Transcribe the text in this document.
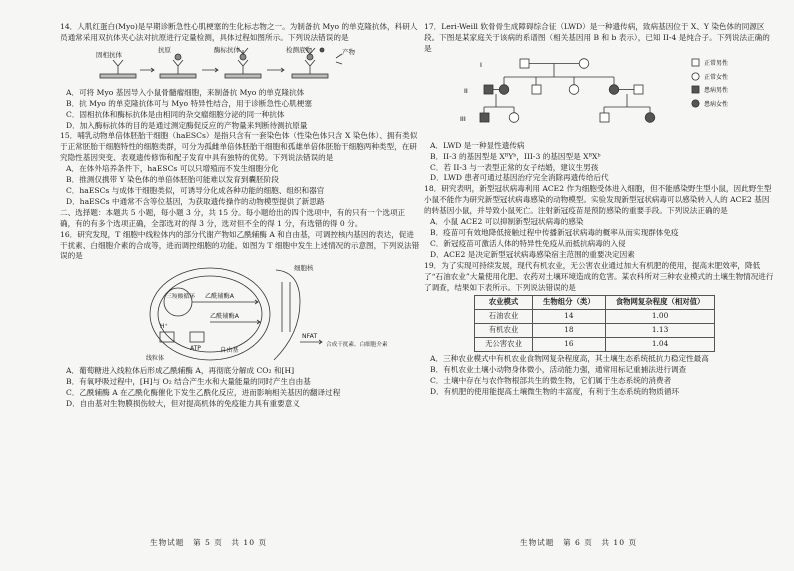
14．人肌红蛋白(Myo)是早期诊断急性心肌梗塞的生化标志物之一。为制备抗 Myo 的单克隆抗体，科研人员通常采用双抗体夹心法对抗原进行定量检测，具体过程如图所示。下列说法错误的是

固相抗体
抗原	酶标抗体	检测底物	产物

A．可将 Myo 基因导入小鼠骨髓瘤细胞，来制备抗 Myo 的单克隆抗体

B．抗 Myo 的单克隆抗体可与 Myo 特异性结合，用于诊断急性心肌梗塞

C．固相抗体和酶标抗体是由相同的杂交瘤细胞分泌的同一种抗体

D．加入酶标抗体的目的是通过测定酶促反应的产物量来判断待测抗原量

15．哺乳动物单倍体胚胎干细胞（haESCs）是指只含有一套染色体（性染色体只含 X 染色体）、拥有类似于正常胚胎干细胞特性的细胞类群，可分为孤雌单倍体胚胎干细胞和孤雄单倍体胚胎干细胞两种类型，在研究隐性基因突变、表观遗传修饰和配子发育中具有独特的优势。下列说法错误的是

A．在体外培养条件下，haESCs 可以只增殖而不发生细胞分化

B．推测仅携带 Y 染色体的单倍体胚胎可能难以发育到囊胚阶段

C．haESCs 与成体干细胞类似，可诱导分化成各种功能的细胞、组织和器官

D．haESCs 中通常不含等位基因，为获取遗传操作的动物模型提供了新思路

二、选择题：本题共 5 小题，每小题 3 分，共 15 分。每小题给出的四个选项中，有的只有一个选项正确，有的有多个选项正确，全部选对的得 3 分，选对但不全的得 1 分，有选错的得 0 分。

16．研究发现，T 细胞中线粒体内的部分代谢产物如乙酰辅酶 A 和自由基，可调控核内基因的表达，促进干扰素、白细胞介素的合成等，进而调控细胞的功能。如图为 T 细胞中发生上述情况的示意图，下列说法错误的是

细胞核
三羧酸循环 乙酰辅酶A
乙酰辅酶A
自由基
NFAT
合成干扰素、白细胞介素
H⁺
ATP
线粒体

A．葡萄糖进入线粒体后形成乙酰辅酶 A，再彻底分解成 CO₂ 和[H]

B．有氧呼吸过程中，[H]与 O₂ 结合产生水和大量能量的同时产生自由基

C．乙酰辅酶 A 在乙酰化酶催化下发生乙酰化反应，进而影响相关基因的翻译过程

D．自由基对生物膜损伤较大，但对提高机体的免疫能力具有重要意义

生物试题　第 5 页　共 10 页

17．Leri-Weill 软骨骨生成障碍综合征（LWD）是一种遗传病，致病基因位于 X、Y 染色体的同源区段。下图是某家庭关于该病的系谱图（相关基因用 B 和 b 表示），已知 II-4 是纯合子。下列说法正确的是

I
II
III
正常男性
正常女性
患病男性
患病女性

A．LWD 是一种显性遗传病

B．II-3 的基因型是 XᴮYᵇ，III-3 的基因型是 XᴮXᵇ

C．若 II-3 与一表型正常的女子结婚，建议生男孩

D．LWD 患者可通过基因治疗完全消除再遗传给后代

18．研究表明，新型冠状病毒利用 ACE2 作为细胞受体进入细胞，但不能感染野生型小鼠，因此野生型小鼠不能作为研究新型冠状病毒感染的动物模型。实验发现新型冠状病毒可以感染转入人的 ACE2 基因的转基因小鼠，并导致小鼠死亡。注射新冠疫苗是预防感染的重要手段。下列说法正确的是

A．小鼠 ACE2 可以抑制新型冠状病毒的感染

B．疫苗可有效地降低接触过程中传播新冠状病毒的概率从而实现群体免疫

C．新冠疫苗可激活人体的特异性免疫从而抵抗病毒的入侵

D．ACE2 是决定新型冠状病毒感染宿主范围的重要决定因素

19．为了实现可持续发展，现代有机农业，无公害农业通过加大有机肥的使用，提高末肥效率，降低了“石油农业”大量使用化肥、农药对土壤环境造成的危害。某农科所对三种农业模式的土壤生物情况进行了调查，结果如下表所示。下列说法错误的是

农业模式	生物组分（类）	食物网复杂程度（相对值）
石油农业	14	1.00
有机农业	18	1.13
无公害农业	16	1.04

A．三种农业模式中有机农业食物网复杂程度高，其土壤生态系统抵抗力稳定性最高

B．有机农业土壤小动物身体微小，活动能力强，通常用标记重捕法进行调查

C．土壤中存在与农作物根部共生的微生物，它们属于生态系统的消费者

D．有机肥的使用能提高土壤微生物的丰富度，有利于生态系统的物质循环

生物试题　第 6 页　共 10 页
